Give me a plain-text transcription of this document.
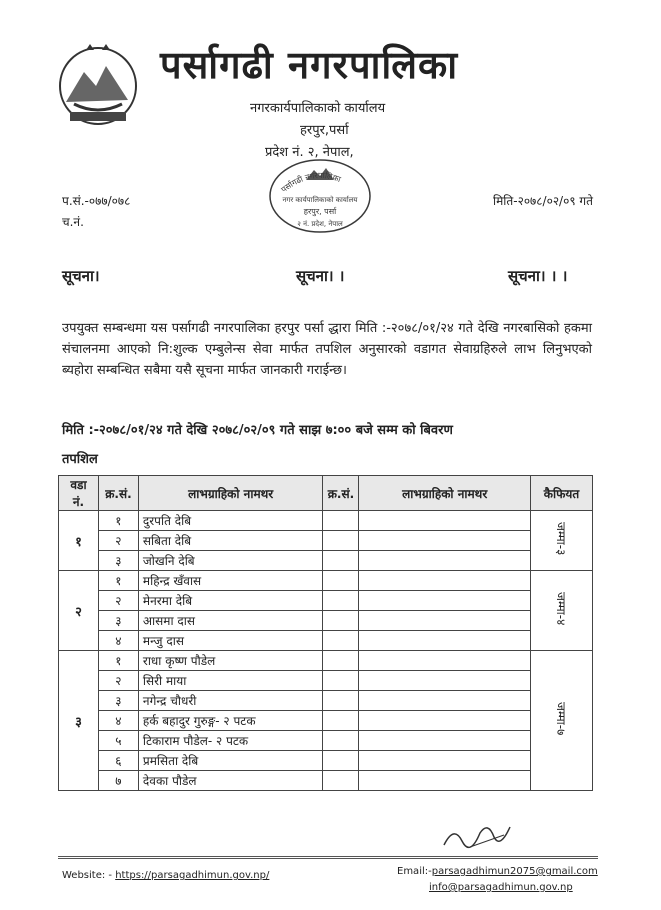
पर्सागढी नगरपालिका
नगरकार्यपालिकाको कार्यालय
हरपुर,पर्सा
प्रदेश नं. २, नेपाल,
पर्सागढी नगरपालिका
नगर कार्यपालिकाको कार्यालय
हरपुर, पर्सा
२ नं. प्रदेश, नेपाल
प.सं.-०७७/०७८
च.नं.
मिति-२०७८/०२/०९ गते
सूचना।	सूचना। ।	सूचना। । ।
उपयुक्त सम्बन्धमा यस पर्सागढी नगरपालिका हरपुर पर्सा द्धारा मिति :-२०७८/०१/२४ गते देखि नगरबासिको हकमा संचालनमा आएको नि:शुल्क एम्बुलेन्स सेवा मार्फत तपशिल अनुसारको वडागत सेवाग्रहिरुले लाभ लिनुभएको ब्यहोरा सम्बन्धित सबैमा यसै सूचना मार्फत जानकारी गराईन्छ।
मिति :-२०७८/०१/२४ गते देखि २०७८/०२/०९ गते साझ ७:०० बजे सम्म को बिवरण
तपशिल
वडा नं.	क्र.सं.	लाभग्राहिको नामथर	क्र.सं.	लाभग्राहिको नामथर	कैफियत
१	१	दुरपति देबि			जम्मा-३
	२	सबिता देबि			
	३	जोखनि देबि			
२	१	महिन्द्र खँवास			जम्मा-४
	२	मेनरमा देबि			
	३	आसमा दास			
	४	मन्जु दास			
३	१	राधा कृष्ण पौडेल			जम्मा-७
	२	सिरी माया			
	३	नगेन्द्र चौधरी			
	४	हर्क बहादुर गुरुङ्ग- २ पटक			
	५	टिकाराम पौडेल- २ पटक			
	६	प्रमसिता देबि			
	७	देवका पौडेल			
Website: - https://parsagadhimun.gov.np/	Email:-parsagadhimun2075@gmail.com
info@parsagadhimun.gov.np
